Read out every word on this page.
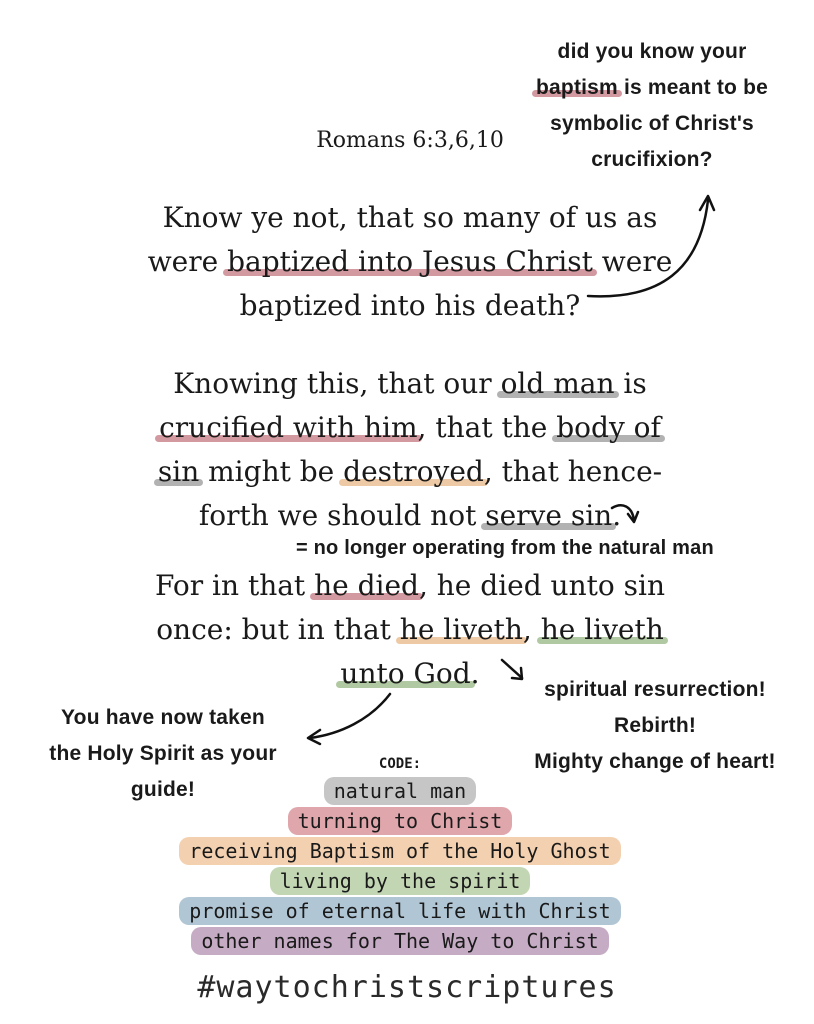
Romans 6:3,6,10
Know ye not, that so many of us as
were baptized into Jesus Christ were
baptized into his death?
Knowing this, that our old man is
crucified with him, that the body of
sin might be destroyed, that hence-
forth we should not serve sin.
For in that he died, he died unto sin
once: but in that he liveth, he liveth
unto God.
did you know your
baptism is meant to be
symbolic of Christ's
crucifixion?
= no longer operating from the natural man
spiritual resurrection!
Rebirth!
Mighty change of heart!
You have now taken
the Holy Spirit as your
guide!
CODE:
natural man
turning to Christ
receiving Baptism of the Holy Ghost
living by the spirit
promise of eternal life with Christ
other names for The Way to Christ
#waytochristscriptures
